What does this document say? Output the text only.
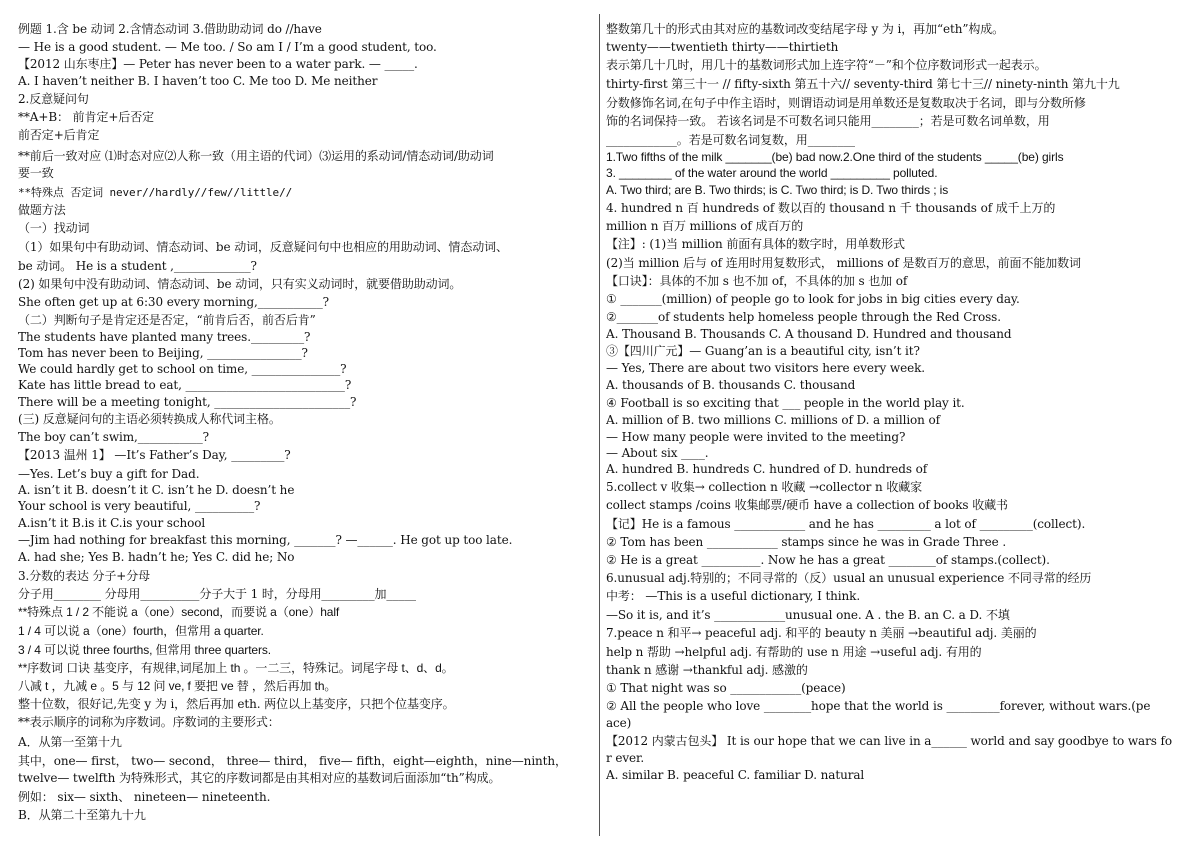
例题 1.含 be 动词 2.含情态动词 3.借助助动词 do //have
— He is a good student. — Me too. / So am I / I’m a good student, too.
【2012 山东枣庄】— Peter has never been to a water park. — _____.
A. I haven’t neither B. I haven’t too C. Me too D. Me neither
2.反意疑问句
**A+B： 前肯定+后否定
前否定+后肯定
**前后一致对应 ⑴时态对应⑵人称一致（用主语的代词）⑶运用的系动词/情态动词/助动词
要一致
**特殊点 否定词 never//hardly//few//little//
做题方法
（一）找动词
（1）如果句中有助动词、情态动词、be 动词，反意疑问句中也相应的用助动词、情态动词、
be 动词。 He is a student ,_____________?
(2) 如果句中没有助动词、情态动词、be 动词，只有实义动词时，就要借助助动词。
She often get up at 6:30 every morning,___________?
（二）判断句子是肯定还是否定，“前肯后否，前否后肯”
The students have planted many trees._________?
Tom has never been to Beijing, ________________?
We could hardly get to school on time, _______________?
Kate has little bread to eat, ___________________________?
There will be a meeting tonight, _______________________?
(三) 反意疑问句的主语必须转换成人称代词主格。
The boy can’t swim,___________?
【2013 温州 1】 —It’s Father’s Day, _________?
—Yes. Let’s buy a gift for Dad.
A. isn’t it B. doesn’t it C. isn’t he D. doesn’t he
Your school is very beautiful, __________?
A.isn’t it B.is it C.is your school
—Jim had nothing for breakfast this morning, _______? —______. He got up too late.
A. had she; Yes B. hadn’t he; Yes C. did he; No
3.分数的表达 分子+分母
分子用________ 分母用__________分子大于 1 时，分母用_________加_____
**特殊点 1 / 2 不能说 a（one）second，而要说 a（one）half
1 / 4 可以说 a（one）fourth，但常用 a quarter.
3 / 4 可以说 three fourths, 但常用 three quarters.
**序数词 口诀 基变序，有规律,词尾加上 th 。一二三，特殊记。词尾字母 t、d、d。
八减 t ，九减 e 。5 与 12 问 ve, f 要把 ve 替 ，然后再加 th。
整十位数，很好记,先变 y 为 i，然后再加 eth. 两位以上基变序，只把个位基变序。
**表示顺序的词称为序数词。序数词的主要形式：
A．从第一至第十九
其中，one— first， two— second， three— third， five— fifth，eight—eighth，nine—ninth，
twelve— twelfth 为特殊形式，其它的序数词都是由其相对应的基数词后面添加“th”构成。
例如： six— sixth、 nineteen— nineteenth.
B．从第二十至第九十九
整数第几十的形式由其对应的基数词改变结尾字母 y 为 i，再加“eth”构成。
twenty——twentieth thirty——thirtieth
表示第几十几时，用几十的基数词形式加上连字符“－”和个位序数词形式一起表示。
thirty-first 第三十一 // fifty-sixth 第五十六// seventy-third 第七十三// ninety-ninth 第九十九
分数修饰名词,在句子中作主语时，则谓语动词是用单数还是复数取决于名词，即与分数所修
饰的名词保持一致。 若该名词是不可数名词只能用________；若是可数名词单数，用
____________。若是可数名词复数，用________
1.Two fifths of the milk _______(be) bad now.2.One third of the students _____(be) girls
3. ________ of the water around the world _________ polluted.
A. Two third; are B. Two thirds; is C. Two third; is D. Two thirds ; is
4. hundred n 百 hundreds of 数以百的 thousand n 千 thousands of 成千上万的
million n 百万 millions of 成百万的
【注】: (1)当 million 前面有具体的数字时，用单数形式
(2)当 million 后与 of 连用时用复数形式， millions of 是数百万的意思，前面不能加数词
【口诀】：具体的不加 s 也不加 of，不具体的加 s 也加 of
① _______(million) of people go to look for jobs in big cities every day.
②_______of students help homeless people through the Red Cross.
A. Thousand B. Thousands C. A thousand D. Hundred and thousand
③【四川广元】— Guang’an is a beautiful city, isn’t it?
— Yes, There are about two visitors here every week.
A. thousands of B. thousands C. thousand
④ Football is so exciting that ___ people in the world play it.
A. million of B. two millions C. millions of D. a million of
— How many people were invited to the meeting?
— About six ____.
A. hundred B. hundreds C. hundred of D. hundreds of
5.collect v 收集→ collection n 收藏 →collector n 收藏家
collect stamps /coins 收集邮票/硬币 have a collection of books 收藏书
【记】He is a famous ____________ and he has _________ a lot of _________(collect).
② Tom has been ____________ stamps since he was in Grade Three .
② He is a great __________. Now he has a great ________of stamps.(collect).
6.unusual adj.特别的；不同寻常的（反）usual an unusual experience 不同寻常的经历
中考： —This is a useful dictionary, I think.
—So it is, and it’s ____________unusual one. A . the B. an C. a D. 不填
7.peace n 和平→ peaceful adj. 和平的 beauty n 美丽 →beautiful adj. 美丽的
help n 帮助 →helpful adj. 有帮助的 use n 用途 →useful adj. 有用的
thank n 感谢 →thankful adj. 感激的
① That night was so ____________(peace)
② All the people who love ________hope that the world is _________forever, without wars.(pe
ace)
【2012 内蒙古包头】 It is our hope that we can live in a______ world and say goodbye to wars fo
r ever.
A. similar B. peaceful C. familiar D. natural
